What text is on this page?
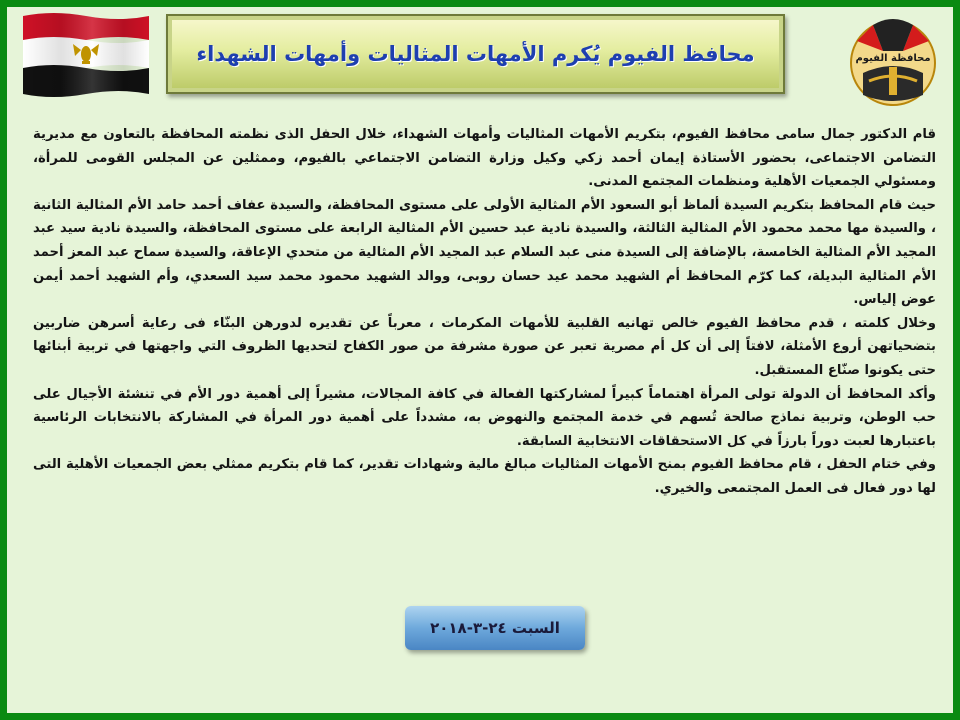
محافظ الفيوم يُكرم الأمهات المثاليات وأمهات الشهداء	محافظة الفيوم

قام الدكتور جمال سامى محافظ الفيوم، بتكريم الأمهات المثاليات وأمهات الشهداء، خلال الحفل الذى نظمته المحافظة بالتعاون مع مديرية التضامن الاجتماعى، بحضور الأستاذة إيمان أحمد زكي وكيل وزارة التضامن الاجتماعي بالفيوم، وممثلين عن المجلس القومى للمرأة، ومسئولي الجمعيات الأهلية ومنظمات المجتمع المدنى.

حيث قام المحافظ بتكريم السيدة ألماظ أبو السعود الأم المثالية الأولى على مستوى المحافظة، والسيدة عفاف أحمد حامد الأم المثالية الثانية ، والسيدة مها محمد محمود الأم المثالية الثالثة، والسيدة نادية عبد حسين الأم المثالية الرابعة على مستوى المحافظة، والسيدة نادية سيد عبد المجيد الأم المثالية الخامسة، بالإضافة إلى السيدة منى عبد السلام عبد المجيد الأم المثالية من متحدي الإعاقة، والسيدة سماح عبد المعز أحمد الأم المثالية البديلة، كما كرّم المحافظ أم الشهيد محمد عيد حسان روبى، ووالد الشهيد محمود محمد سيد السعدي، وأم الشهيد أحمد أيمن عوض إلياس.

وخلال كلمته ، قدم محافظ الفيوم خالص تهانيه القلبية للأمهات المكرمات ، معرباً عن تقديره لدورهن البنّاء فى رعاية أسرهن ضاربين بتضحياتهن أروع الأمثلة، لافتاً إلى أن كل أم مصرية تعبر عن صورة مشرفة من صور الكفاح لتحديها الظروف التي واجهتها في تربية أبنائها حتى يكونوا صنّاع المستقبل.

وأكد المحافظ أن الدولة تولى المرأة اهتماماً كبيراً لمشاركتها الفعالة في كافة المجالات، مشيراً إلى أهمية دور الأم في تنشئة الأجيال على حب الوطن، وتربية نماذج صالحة تُسهم في خدمة المجتمع والنهوض به، مشدداً على أهمية دور المرأة في المشاركة بالانتخابات الرئاسية باعتبارها لعبت دوراً بارزاً في كل الاستحقاقات الانتخابية السابقة.

وفي ختام الحفل ، قام محافظ الفيوم بمنح الأمهات المثاليات مبالغ مالية وشهادات تقدير، كما قام بتكريم ممثلي بعض الجمعيات الأهلية التى لها دور فعال فى العمل المجتمعى والخيري.

السبت ٢٤-٣-٢٠١٨
